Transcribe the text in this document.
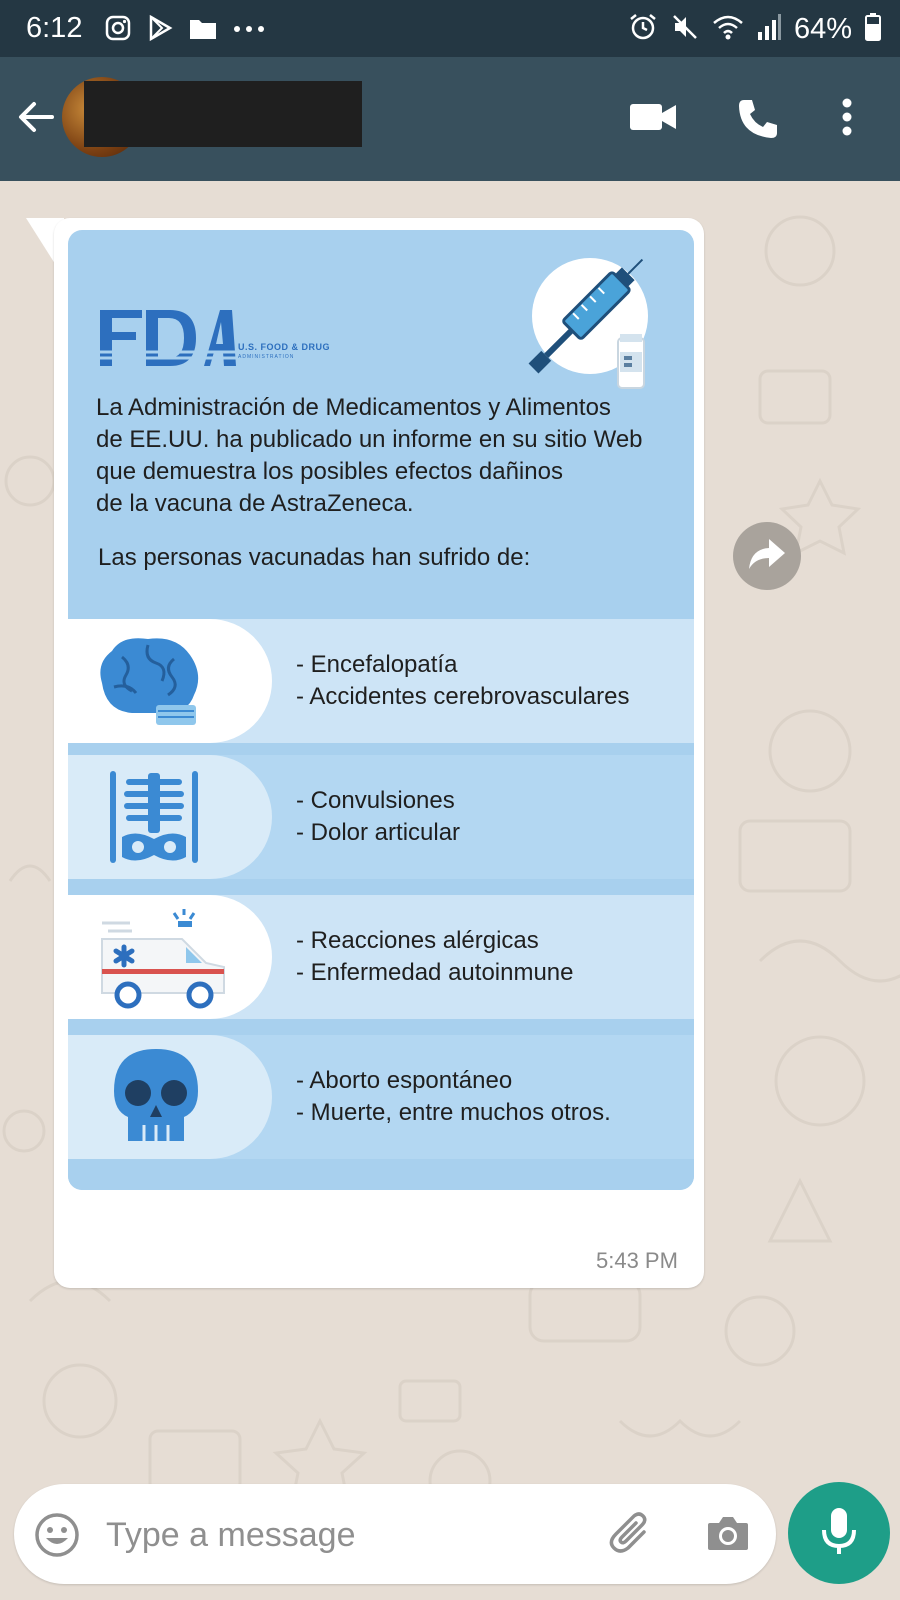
6:12	64%
U.S. FOOD & DRUG
ADMINISTRATION
La Administración de Medicamentos y Alimentos
de EE.UU. ha publicado un informe en su sitio Web
que demuestra los posibles efectos dañinos
de la vacuna de AstraZeneca.
Las personas vacunadas han sufrido de:
- Encefalopatía
- Accidentes cerebrovasculares
- Convulsiones
- Dolor articular
- Reacciones alérgicas
- Enfermedad autoinmune
- Aborto espontáneo
- Muerte, entre muchos otros.
5:43 PM
Type a message
